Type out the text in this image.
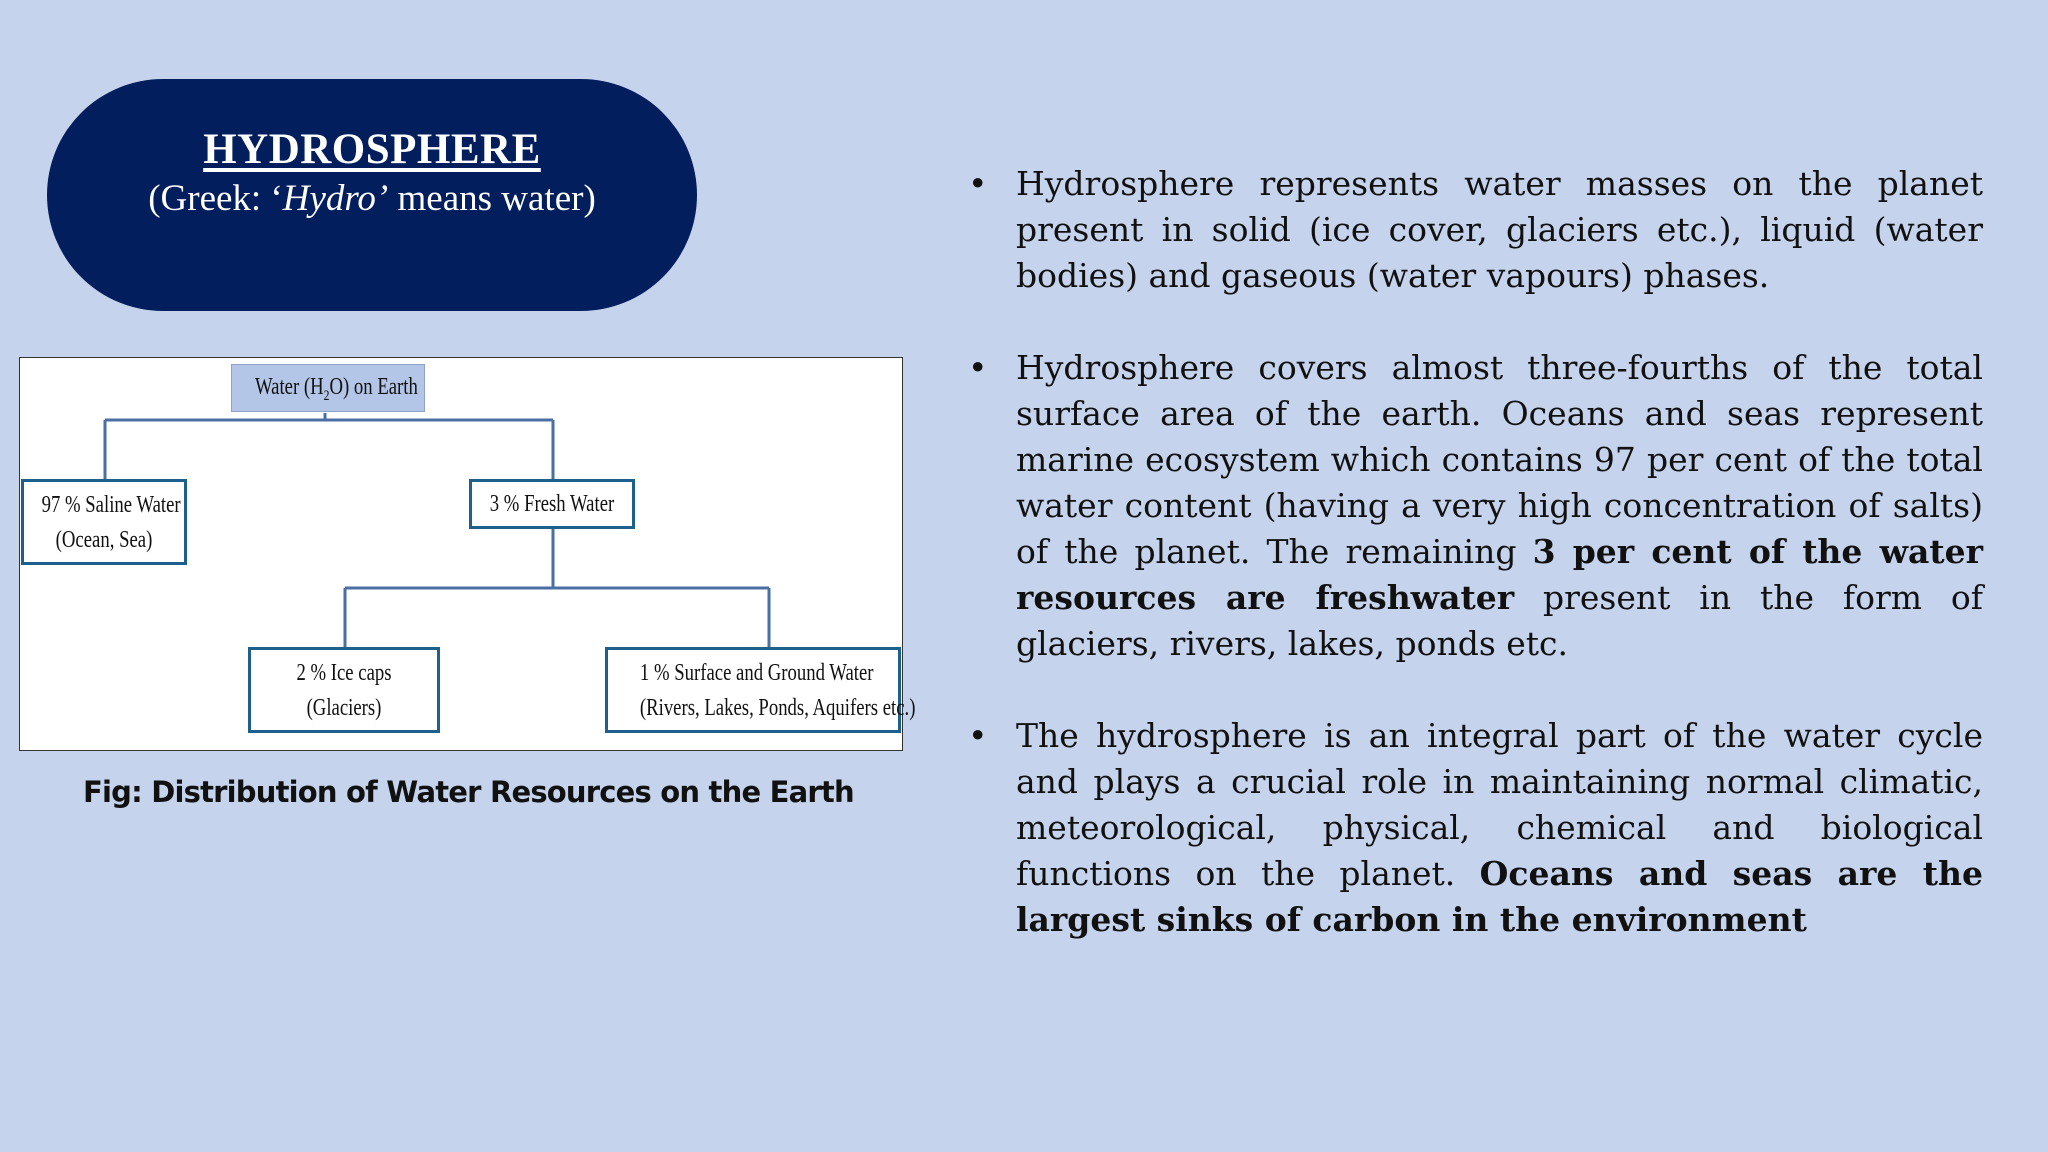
HYDROSPHERE
(Greek: ‘Hydro’ means water)
Water $(H_2O)$ on Earth
97 % Saline Water
(Ocean, Sea)
3 % Fresh Water
2 % Ice caps
(Glaciers)
1 % Surface and Ground Water
(Rivers, Lakes, Ponds, Aquifers etc.)
Fig: Distribution of Water Resources on the Earth
• Hydrosphere represents water masses on the planet present in solid (ice cover, glaciers etc.), liquid (water bodies) and gaseous (water vapours) phases.
• Hydrosphere covers almost three-fourths of the total surface area of the earth. Oceans and seas represent marine ecosystem which contains 97 per cent of the total water content (having a very high concentration of salts) of the planet. The remaining 3 per cent of the water resources are freshwater present in the form of glaciers, rivers, lakes, ponds etc.
• The hydrosphere is an integral part of the water cycle and plays a crucial role in maintaining normal climatic, meteorological, physical, chemical and biological functions on the planet. Oceans and seas are the largest sinks of carbon in the environment
